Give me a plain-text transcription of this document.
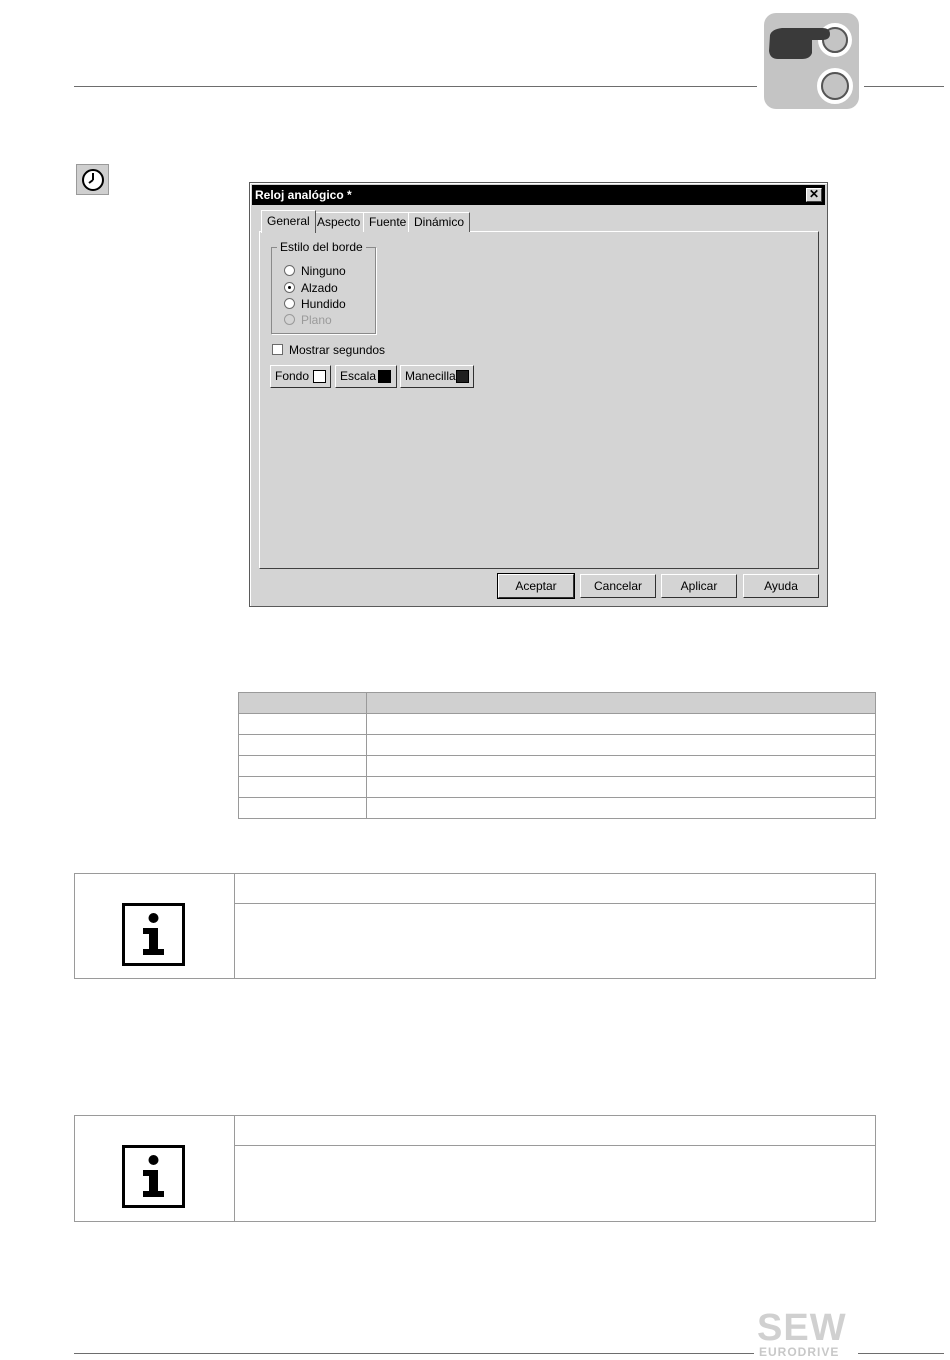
Reloj analógico *	✕
General Aspecto Fuente Dinámico
Estilo del borde
Ninguno
Alzado
Hundido
Plano
Mostrar segundos
Fondo	Escala	Manecilla
Aceptar	Cancelar	Aplicar	Ayuda

SEW
EURODRIVE
